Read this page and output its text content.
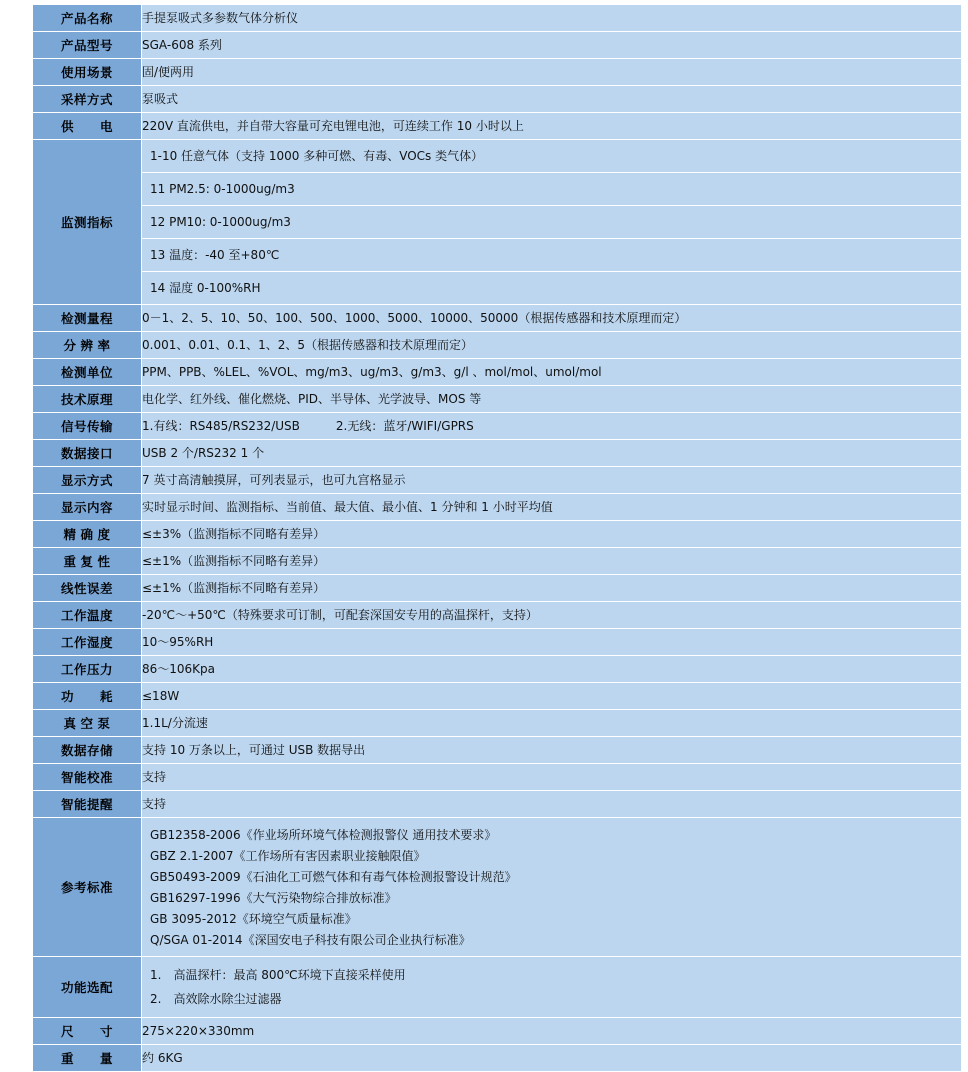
产品名称	手提泵吸式多参数气体分析仪
产品型号	SGA-608 系列
使用场景	固/便两用
采样方式	泵吸式
供　　电	220V 直流供电，并自带大容量可充电锂电池，可连续工作 10 小时以上
监测指标	
1-10 任意气体（支持 1000 多种可燃、有毒、VOCs 类气体）
11 PM2.5: 0-1000ug/m3
12 PM10: 0-1000ug/m3
13 温度：-40 至+80℃
14 湿度 0-100%RH

检测量程	0－1、2、5、10、50、100、500、1000、5000、10000、50000（根据传感器和技术原理而定）
分 辨 率	0.001、0.01、0.1、1、2、5（根据传感器和技术原理而定）
检测单位	PPM、PPB、%LEL、%VOL、mg/m3、ug/m3、g/m3、g/l 、mol/mol、umol/mol
技术原理	电化学、红外线、催化燃烧、PID、半导体、光学波导、MOS 等
信号传输	1.有线：RS485/RS232/USB　　　2.无线：蓝牙/WIFI/GPRS
数据接口	USB 2 个/RS232 1 个
显示方式	7 英寸高清触摸屏，可列表显示，也可九宫格显示
显示内容	实时显示时间、监测指标、当前值、最大值、最小值、1 分钟和 1 小时平均值
精 确 度	≤±3%（监测指标不同略有差异）
重 复 性	≤±1%（监测指标不同略有差异）
线性误差	≤±1%（监测指标不同略有差异）
工作温度	-20℃～+50℃（特殊要求可订制，可配套深国安专用的高温探杆，支持）
工作湿度	10～95%RH
工作压力	86～106Kpa
功　　耗	≤18W
真 空 泵	1.1L/分流速
数据存储	支持 10 万条以上，可通过 USB 数据导出
智能校准	支持
智能提醒	支持
参考标准	
GB12358-2006《作业场所环境气体检测报警仪 通用技术要求》
GBZ 2.1-2007《工作场所有害因素职业接触限值》
GB50493-2009《石油化工可燃气体和有毒气体检测报警设计规范》
GB16297-1996《大气污染物综合排放标准》
GB 3095-2012《环境空气质量标准》
Q/SGA 01-2014《深国安电子科技有限公司企业执行标准》

功能选配	
1.　高温探杆：最高 800℃环境下直接采样使用
2.　高效除水除尘过滤器

尺　　寸	275×220×330mm
重　　量	约 6KG
